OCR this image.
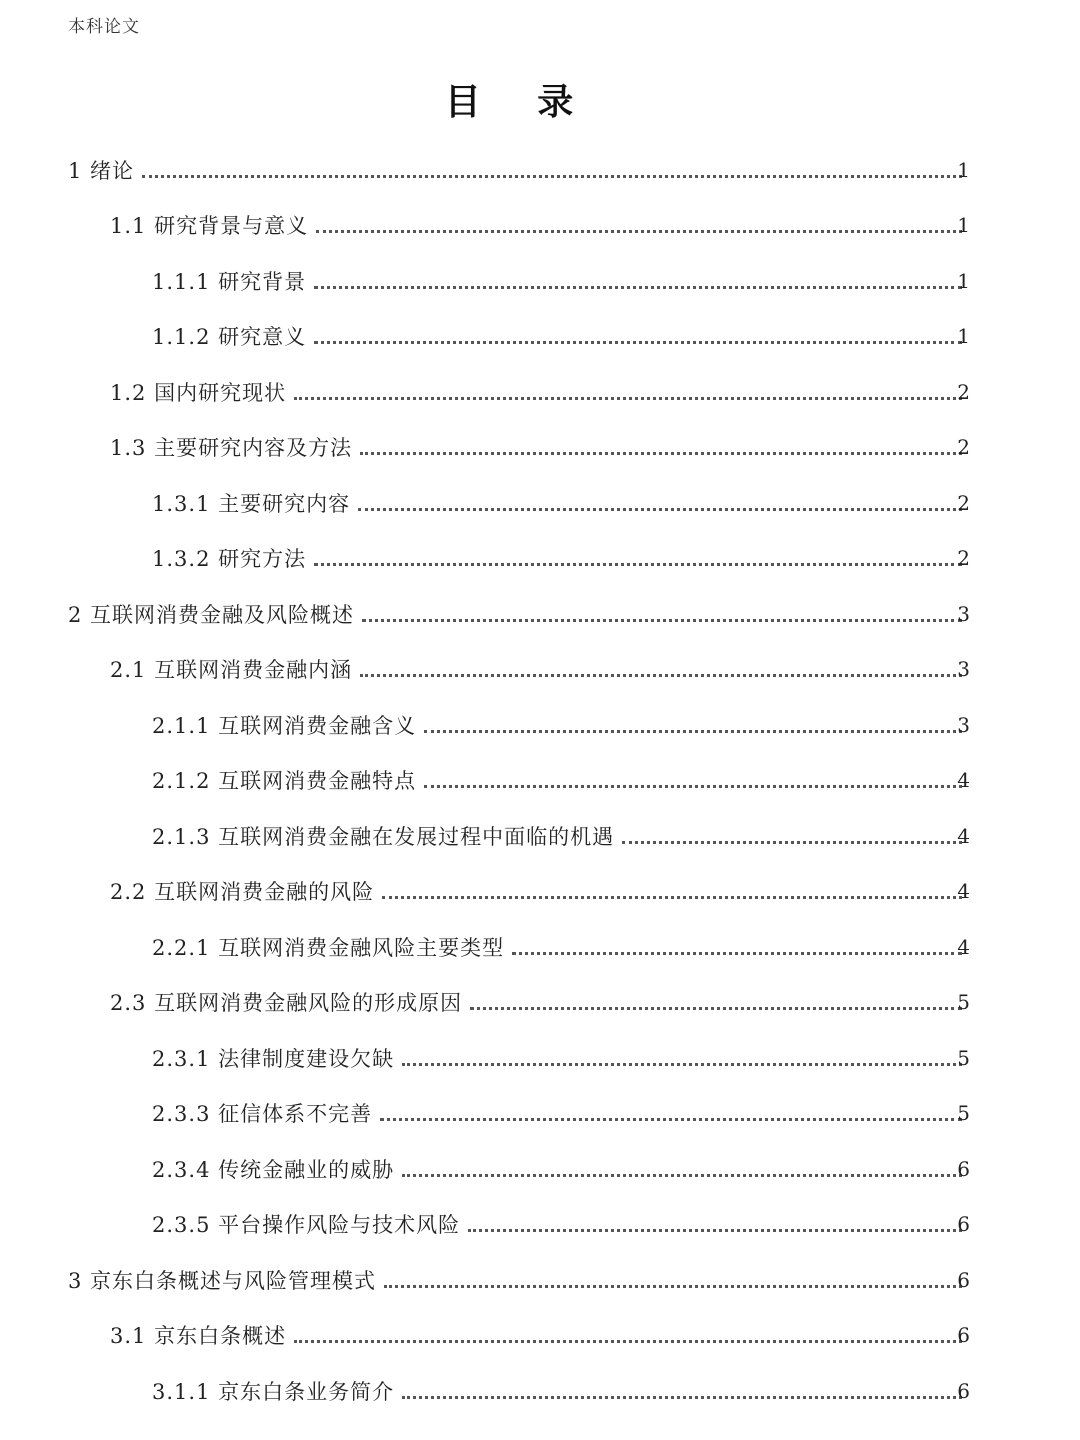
本科论文
目 录
1 绪论	1
1.1 研究背景与意义	1
1.1.1 研究背景	1
1.1.2 研究意义	1
1.2 国内研究现状	2
1.3 主要研究内容及方法	2
1.3.1 主要研究内容	2
1.3.2 研究方法	2
2 互联网消费金融及风险概述	3
2.1 互联网消费金融内涵	3
2.1.1 互联网消费金融含义	3
2.1.2 互联网消费金融特点	4
2.1.3 互联网消费金融在发展过程中面临的机遇	4
2.2 互联网消费金融的风险	4
2.2.1 互联网消费金融风险主要类型	4
2.3 互联网消费金融风险的形成原因	5
2.3.1 法律制度建设欠缺	5
2.3.3 征信体系不完善	5
2.3.4 传统金融业的威胁	6
2.3.5 平台操作风险与技术风险	6
3 京东白条概述与风险管理模式	6
3.1 京东白条概述	6
3.1.1 京东白条业务简介	6
